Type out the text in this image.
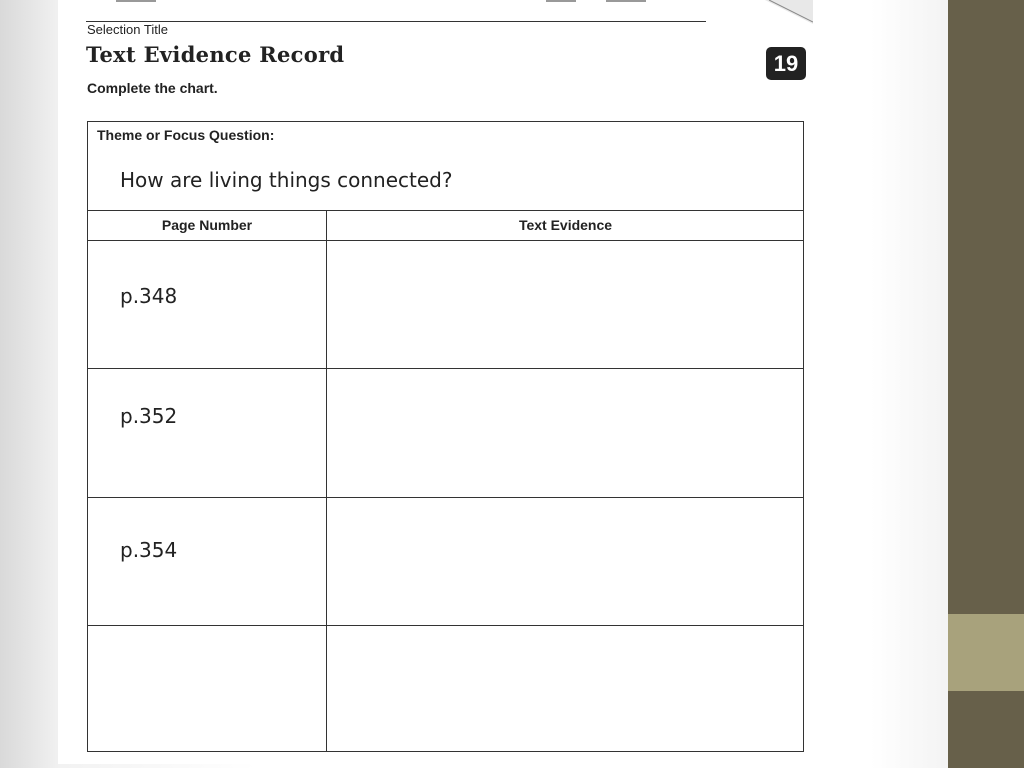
Selection Title
Text Evidence Record
Complete the chart.
19
Theme or Focus Question:
How are living things connected?
Page Number	Text Evidence
p.348
p.352
p.354
